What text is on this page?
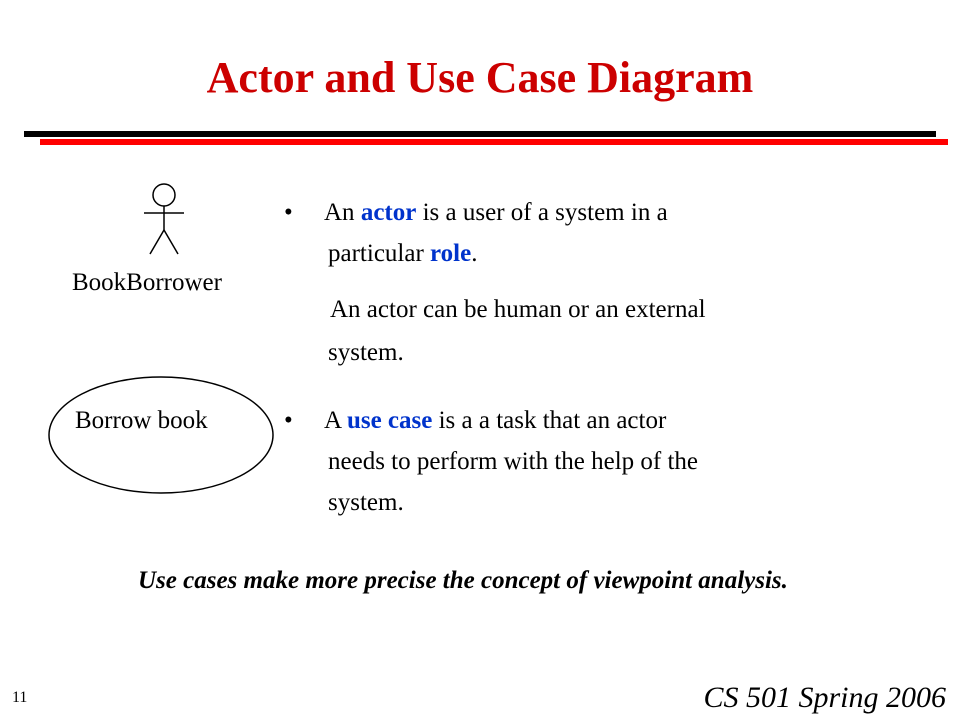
Actor and Use Case Diagram
BookBorrower
Borrow book
• An actor is a user of a system in a
particular role.
An actor can be human or an external
system.
• A use case is a a task that an actor
needs to perform with the help of the
system.
Use cases make more precise the concept of viewpoint analysis.
11	CS 501 Spring 2006
